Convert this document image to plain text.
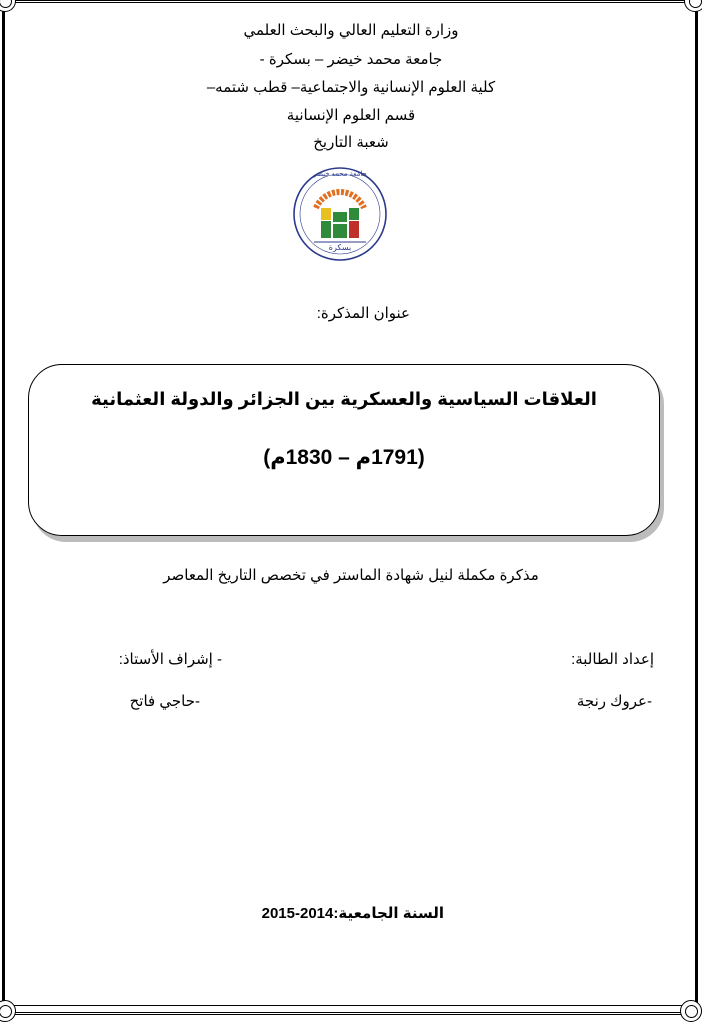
وزارة التعليم العالي والبحث العلمي
جامعة محمد خيضر – بسكرة -
كلية العلوم الإنسانية والاجتماعية– قطب شتمه–
قسم العلوم الإنسانية
شعبة التاريخ
جامعة محمد خيضر
بسكرة
عنوان المذكرة:
العلاقات السياسية والعسكرية بين الجزائر والدولة العثمانية
(1791م – 1830م)
مذكرة مكملة لنيل شهادة الماستر في تخصص التاريخ المعاصر
إعداد الطالبة:
- إشراف الأستاذ:
-عروك رنجة
-حاجي فاتح
السنة الجامعية:2014-2015
